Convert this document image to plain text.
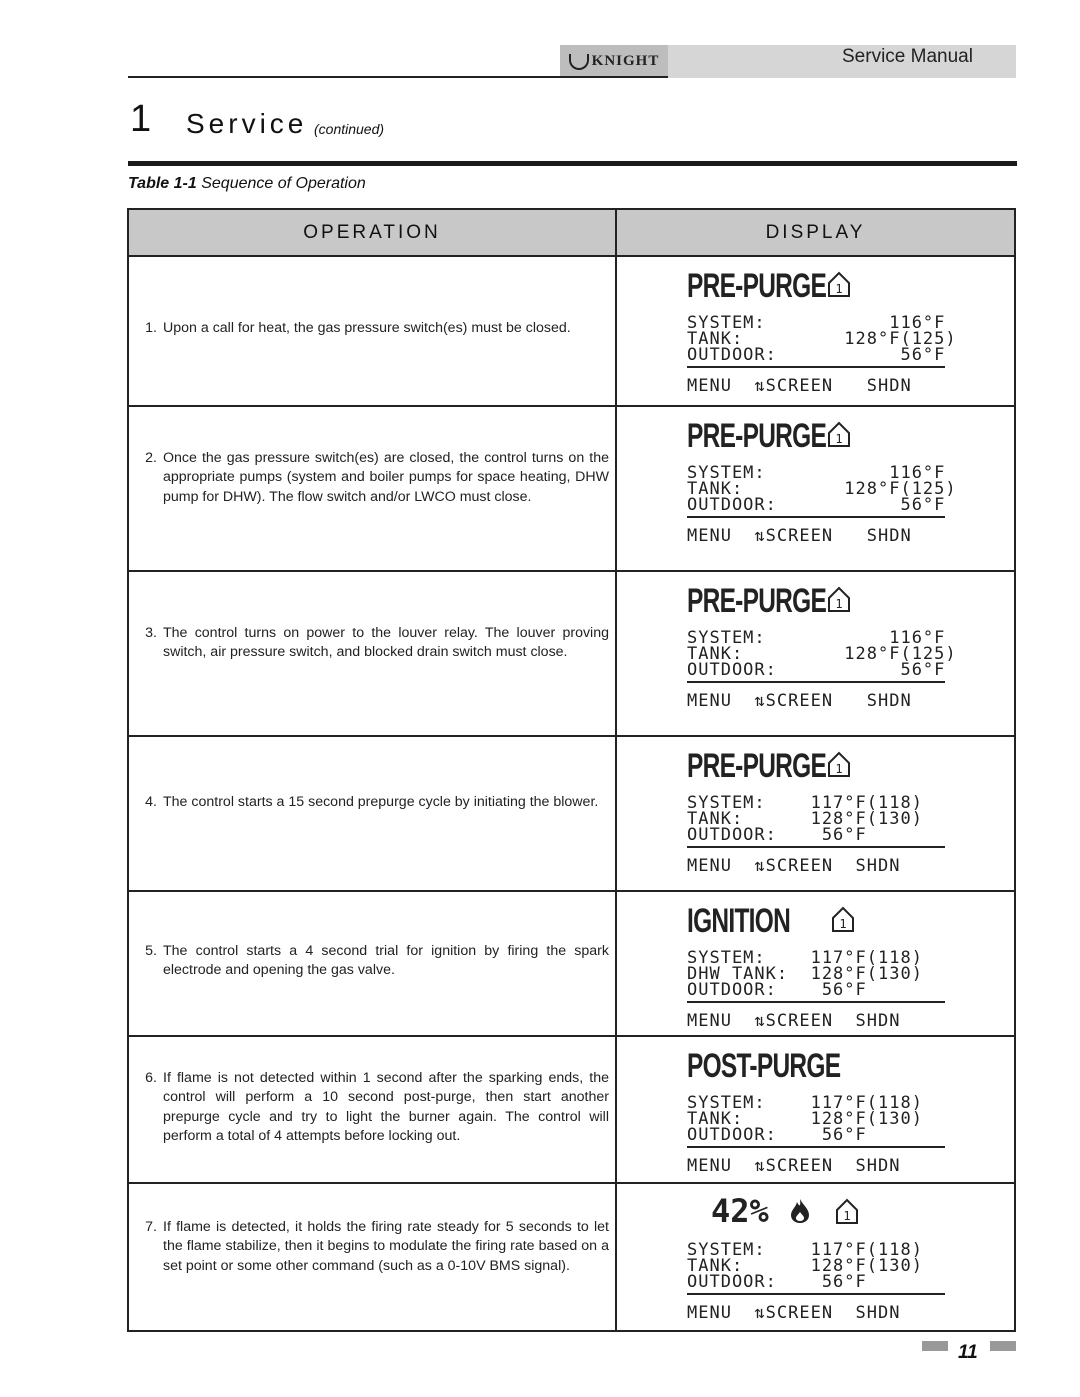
KNIGHT	Service Manual
1 Service (continued)
Table 1-1 Sequence of Operation
OPERATION	DISPLAY
1. Upon a call for heat, the gas pressure switch(es) must be closed.
PRE-PURGE 1
SYSTEM:           116°F
TANK:         128°F(125)
OUTDOOR:           56°F
MENU  ⇅SCREEN   SHDN
2. Once the gas pressure switch(es) are closed, the control turns on the appropriate pumps (system and boiler pumps for space heating, DHW pump for DHW). The flow switch and/or LWCO must close.
PRE-PURGE 1
SYSTEM:           116°F
TANK:         128°F(125)
OUTDOOR:           56°F
MENU  ⇅SCREEN   SHDN
3. The control turns on power to the louver relay. The louver proving switch, air pressure switch, and blocked drain switch must close.
PRE-PURGE 1
SYSTEM:           116°F
TANK:         128°F(125)
OUTDOOR:           56°F
MENU  ⇅SCREEN   SHDN
4. The control starts a 15 second prepurge cycle by initiating the blower.
PRE-PURGE 1
SYSTEM:    117°F(118)
TANK:      128°F(130)
OUTDOOR:    56°F
MENU  ⇅SCREEN  SHDN
5. The control starts a 4 second trial for ignition by firing the spark electrode and opening the gas valve.
IGNITION	1
SYSTEM:    117°F(118)
DHW TANK:  128°F(130)
OUTDOOR:    56°F
MENU  ⇅SCREEN  SHDN
6. If flame is not detected within 1 second after the sparking ends, the control will perform a 10 second post-purge, then start another prepurge cycle and try to light the burner again. The control will perform a total of 4 attempts before locking out.
POST-PURGE
SYSTEM:    117°F(118)
TANK:      128°F(130)
OUTDOOR:    56°F
MENU  ⇅SCREEN  SHDN
7. If flame is detected, it holds the firing rate steady for 5 seconds to let the flame stabilize, then it begins to modulate the firing rate based on a set point or some other command (such as a 0-10V BMS signal).
42%	1
SYSTEM:    117°F(118)
TANK:      128°F(130)
OUTDOOR:    56°F
MENU  ⇅SCREEN  SHDN
11
